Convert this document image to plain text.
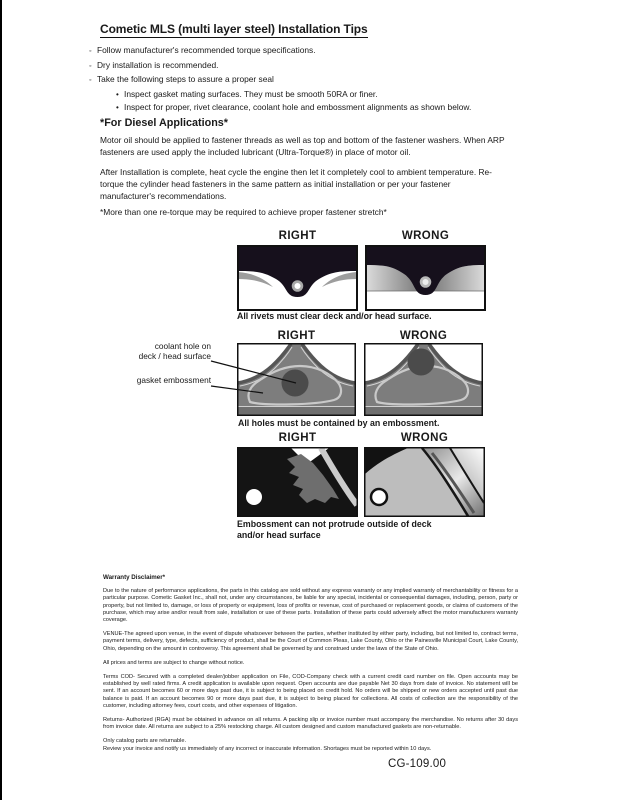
Cometic MLS (multi layer steel) Installation Tips
◦ Follow manufacturer's recommended torque specifications.
◦ Dry installation is recommended.
◦ Take the following steps to assure a proper seal
• Inspect gasket mating surfaces. They must be smooth 50RA or finer.
• Inspect for proper, rivet clearance, coolant hole and embossment alignments as shown below.
*For Diesel Applications*
Motor oil should be applied to fastener threads as well as top and bottom of the fastener washers. When ARP fasteners are used apply the included lubricant (Ultra-Torque®) in place of motor oil.
After Installation is complete, heat cycle the engine then let it completely cool to ambient temperature. Re-torque the cylinder head fasteners in the same pattern as initial installation or per your fastener manufacturer's recommendations.
*More than one re-torque may be required to achieve proper fastener stretch*
RIGHT	WRONG
All rivets must clear deck and/or head surface.
RIGHT	WRONG
coolant hole on
deck / head surface
gasket embossment
All holes must be contained by an embossment.
RIGHT	WRONG
Embossment can not protrude outside of deck
and/or head surface
Warranty Disclaimer*

Due to the nature of performance applications, the parts in this catalog are sold without any express warranty or any implied warranty of merchantability or fitness for a particular purpose. Cometic Gasket Inc., shall not, under any circumstances, be liable for any special, incidental or consequential damages, including, person, party or property, but not limited to, damage, or loss of property or equipment, loss of profits or revenue, cost of purchased or replacement goods, or claims of customers of the purchase, which may arise and/or result from sale, installation or use of these parts. Installation of these parts could adversely affect the motor manufacturers warranty coverage.

VENUE-The agreed upon venue, in the event of dispute whatsoever between the parties, whether instituted by either party, including, but not limited to, contract terms, payment terms, delivery, type, defects, sufficiency of product, shall be the Court of Common Pleas, Lake County, Ohio or the Painesville Municipal Court, Lake County, Ohio, depending on the amount in controversy. This agreement shall be governed by and construed under the laws of the State of Ohio.

All prices and terms are subject to change without notice.

Terms COD- Secured with a completed dealer/jobber application on File, COD-Company check with a current credit card number on file. Open accounts may be established by well rated firms. A credit application is available upon request. Open accounts are due payable Net 30 days from date of invoice. No statement will be sent. If an account becomes 60 or more days past due, it is subject to being placed on credit hold. No orders will be shipped or new orders accepted until past due balance is paid. If an account becomes 90 or more days past due, it is subject to being placed for collections. All costs of collection are the responsibility of the customer, including attorney fees, court costs, and other expenses of litigation.

Returns- Authorized (RGA) must be obtained in advance on all returns. A packing slip or invoice number must accompany the merchandise. No returns after 30 days from invoice date. All returns are subject to a 25% restocking charge. All custom designed and custom manufactured gaskets are non-returnable.

Only catalog parts are returnable.

Review your invoice and notify us immediately of any incorrect or inaccurate information. Shortages must be reported within 10 days.

CG-109.00
